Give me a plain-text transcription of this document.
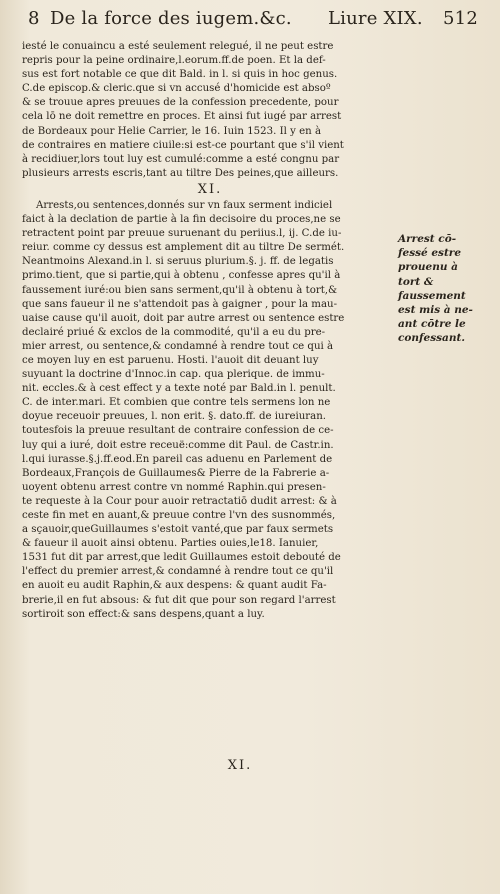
8 De la force des iugem.&c. Liure XIX. 512

iesté le conuaincu a esté seulement relegué, il ne peut estre

repris pour la peine ordinaire,l.eorum.ff.de poen. Et la def-

sus est fort notable ce que dit Bald. in l. si quis in hoc genus.

C.de episcop.& cleric.que si vn accusé d'homicide est absoº

& se trouue apres preuues de la confession precedente, pour

cela lō ne doit remettre en proces. Et ainsi fut iugé par arrest

de Bordeaux pour Helie Carrier, le 16. Iuin 1523. Il y en à

de contraires en matiere ciuile:si est-ce pourtant que s'il vient

à recidiuer,lors tout luy est cumulé:comme a esté congnu par

plusieurs arrests escris,tant au tiltre Des peines,que ailleurs.

XI.

Arrests,ou sentences,donnés sur vn faux serment indiciel

faict à la declation de partie à la fin decisoire du proces,ne se

retractent point par preuue suruenant du periius.l, ij. C.de iu-

reiur. comme cy dessus est amplement dit au tiltre De sermét.

Neantmoins Alexand.in l. si seruus plurium.§. j. ff. de legatis

primo.tient, que si partie,qui à obtenu , confesse apres qu'il à

faussement iuré:ou bien sans serment,qu'il à obtenu à tort,&

que sans faueur il ne s'attendoit pas à gaigner , pour la mau-

uaise cause qu'il auoit, doit par autre arrest ou sentence estre

declairé priué & exclos de la commodité, qu'il a eu du pre-

mier arrest, ou sentence,& condamné à rendre tout ce qui à

ce moyen luy en est paruenu. Hosti. l'auoit dit deuant luy

suyuant la doctrine d'Innoc.in cap. qua plerique. de immu-

nit. eccles.& à cest effect y a texte noté par Bald.in l. penult.

C. de inter.mari. Et combien que contre tels sermens lon ne

doyue receuoir preuues, l. non erit. §. dato.ff. de iureiuran.

toutesfois la preuue resultant de contraire confession de ce-

luy qui a iuré, doit estre receuë:comme dit Paul. de Castr.in.

l.qui iurasse.§.j.ff.eod.En pareil cas aduenu en Parlement de

Bordeaux,François de Guillaumes& Pierre de la Fabrerie a-

uoyent obtenu arrest contre vn nommé Raphin.qui presen-

te requeste à la Cour pour auoir retractatiō dudit arrest: & à

ceste fin met en auant,& preuue contre l'vn des susnommés,

a sçauoir,queGuillaumes s'estoit vanté,que par faux sermets

& faueur il auoit ainsi obtenu. Parties ouies,le18. Ianuier,

1531 fut dit par arrest,que ledit Guillaumes estoit debouté de

l'effect du premier arrest,& condamné à rendre tout ce qu'il

en auoit eu audit Raphin,& aux despens: & quant audit Fa-

brerie,il en fut absous: & fut dit que pour son regard l'arrest

sortiroit son effect:& sans despens,quant a luy.

Arrest cō-

fessé estre

prouenu à

tort &

faussement

est mis à ne-

ant cōtre le

confessant.

XI.
